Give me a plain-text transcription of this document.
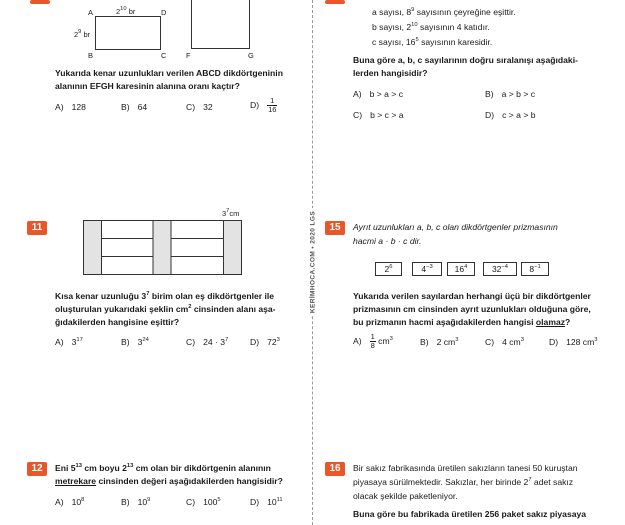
KERİMHOCA.COM • 2020 LGS
A	$2^{10}$ br	D
$2^9$ br
B	C	F	G
Yukarıda kenar uzunlukları verilen ABCD dikdörtgeninin
alanının EFGH karesinin alanına oranı kaçtır?
A) 128	B) 64	C) 32	$D) \frac{1}{16}$
a sayısı, $8^9$ sayısının çeyreğine eşittir.
b sayısı, $2^{10}$ sayısının 4 katıdır.
c sayısı, $16^5$ sayısının karesidir.
Buna göre a, b, c sayılarının doğru sıralanışı aşağıdaki-
lerden hangisidir?
A) b > a > c	B) a > b > c
C) b > c > a	D) c > a > b
11
$3^7cm$
Kısa kenar uzunluğu $3^7$ birim olan eş dikdörtgenler ile
oluşturulan yukarıdaki şeklin $cm^2$ cinsinden alanı aşa-
ğıdakilerden hangisine eşittir?
A) $3^{17}$	B) $3^{24}$	C) $24 \cdot 3^7$	D) $72^3$
12	Eni $5^{13}$ cm boyu $2^{13}$ cm olan bir dikdörtgenin alanının
metrekare cinsinden değeri aşağıdakilerden hangisidir?
A) $10^8$	B) $10^9$	C) $100^5$	D) $10^{11}$
15	Ayrıt uzunlukları a, b, c olan dikdörtgenler prizmasının
hacmi a · b · c dir.
$2^6$	$4^{-3}$	$16^4$	$32^{-4}$	$8^{-1}$
Yukarıda verilen sayılardan herhangi üçü bir dikdörtgenler
prizmasının cm cinsinden ayrıt uzunlukları olduğuna göre,
bu prizmanın hacmi aşağıdakilerden hangisi olamaz?
$A) \frac{1}{8} cm^3$	B) 2 $cm^3$	C) 4 $cm^3$	D) 128 $cm^3$
16	Bir sakız fabrikasında üretilen sakızların tanesi 50 kuruştan
piyasaya sürülmektedir. Sakızlar, her birinde $2^7$ adet sakız
olacak şekilde paketleniyor.
Buna göre bu fabrikada üretilen 256 paket sakız piyasaya
